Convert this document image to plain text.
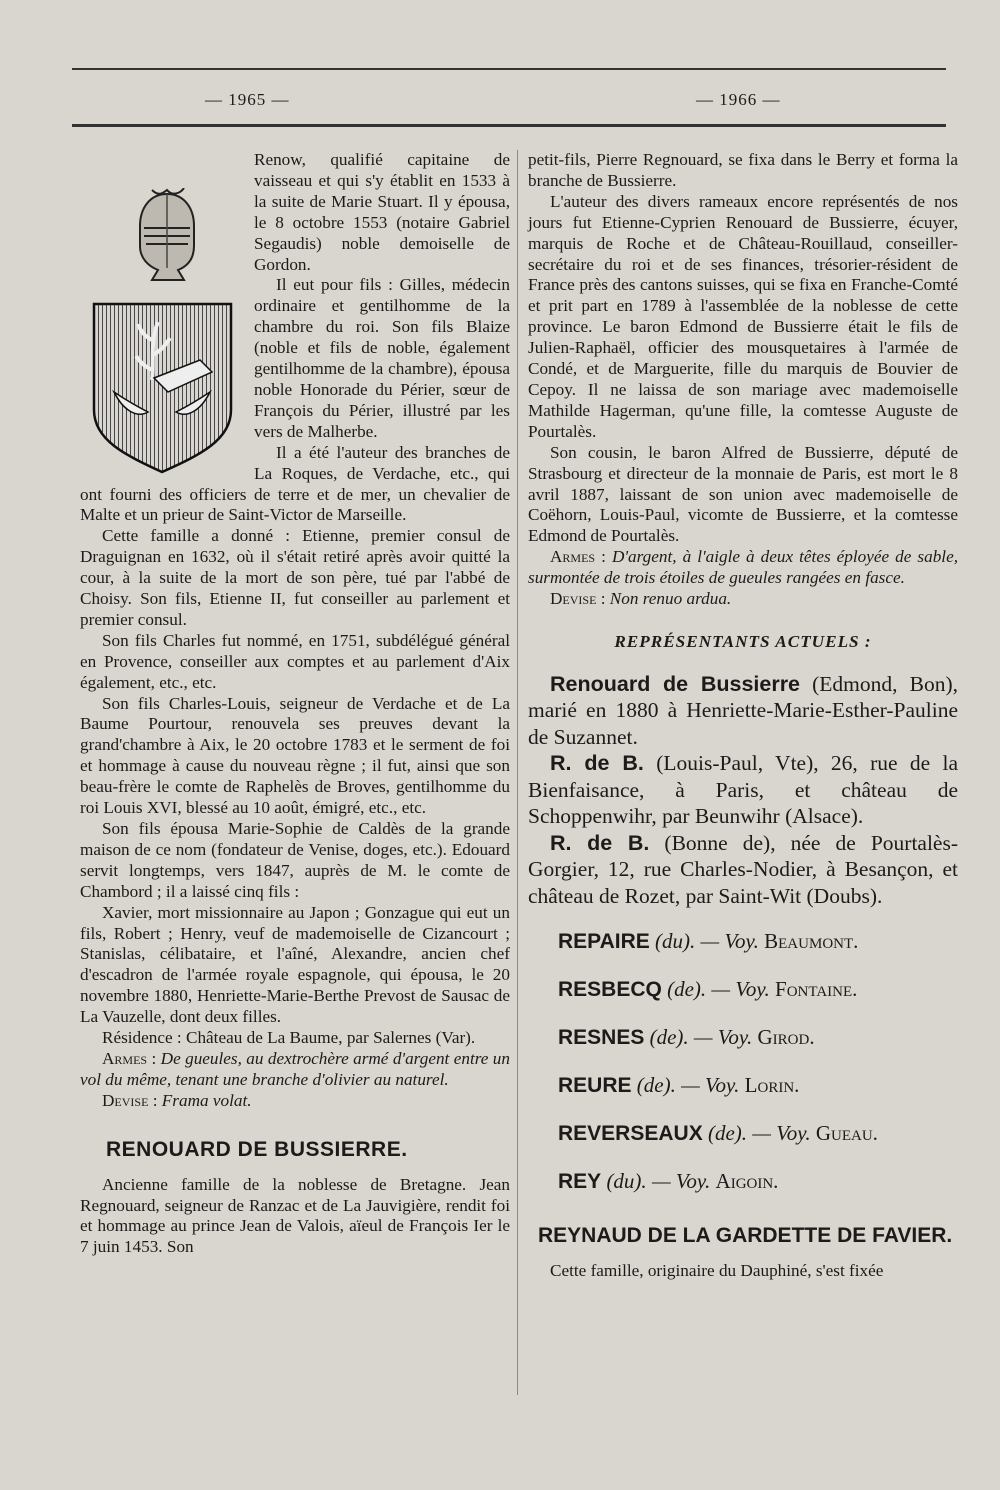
— 1965 —	— 1966 —

Renow, qualifié capitaine de vaisseau et qui s'y établit en 1533 à la suite de Marie Stuart. Il y épousa, le 8 octobre 1553 (notaire Gabriel Segaudis) noble demoiselle de Gordon.

Il eut pour fils : Gilles, médecin ordinaire et gentilhomme de la chambre du roi. Son fils Blaize (noble et fils de noble, également gentilhomme de la chambre), épousa noble Honorade du Périer, sœur de François du Périer, illustré par les vers de Malherbe.

Il a été l'auteur des branches de La Roques, de Verdache, etc., qui ont fourni des officiers de terre et de mer, un chevalier de Malte et un prieur de Saint-Victor de Marseille.

Cette famille a donné : Etienne, premier consul de Draguignan en 1632, où il s'était retiré après avoir quitté la cour, à la suite de la mort de son père, tué par l'abbé de Choisy. Son fils, Etienne II, fut conseiller au parlement et premier consul.

Son fils Charles fut nommé, en 1751, subdélégué général en Provence, conseiller aux comptes et au parlement d'Aix également, etc., etc.

Son fils Charles-Louis, seigneur de Verdache et de La Baume Pourtour, renouvela ses preuves devant la grand'chambre à Aix, le 20 octobre 1783 et le serment de foi et hommage à cause du nouveau règne ; il fut, ainsi que son beau-frère le comte de Raphelès de Broves, gentilhomme du roi Louis XVI, blessé au 10 août, émigré, etc., etc.

Son fils épousa Marie-Sophie de Caldès de la grande maison de ce nom (fondateur de Venise, doges, etc.). Edouard servit longtemps, vers 1847, auprès de M. le comte de Chambord ; il a laissé cinq fils :

Xavier, mort missionnaire au Japon ; Gonzague qui eut un fils, Robert ; Henry, veuf de mademoiselle de Cizancourt ; Stanislas, célibataire, et l'aîné, Alexandre, ancien chef d'escadron de l'armée royale espagnole, qui épousa, le 20 novembre 1880, Henriette-Marie-Berthe Prevost de Sausac de La Vauzelle, dont deux filles.

Résidence : Château de La Baume, par Salernes (Var).

Armes : De gueules, au dextrochère armé d'argent entre un vol du même, tenant une branche d'olivier au naturel.

Devise : Frama volat.

RENOUARD DE BUSSIERRE.

Ancienne famille de la noblesse de Bretagne. Jean Regnouard, seigneur de Ranzac et de La Jauvigière, rendit foi et hommage au prince Jean de Valois, aïeul de François Ier le 7 juin 1453. Son

petit-fils, Pierre Regnouard, se fixa dans le Berry et forma la branche de Bussierre.

L'auteur des divers rameaux encore représentés de nos jours fut Etienne-Cyprien Renouard de Bussierre, écuyer, marquis de Roche et de Château-Rouillaud, conseiller-secrétaire du roi et de ses finances, trésorier-résident de France près des cantons suisses, qui se fixa en Franche-Comté et prit part en 1789 à l'assemblée de la noblesse de cette province. Le baron Edmond de Bussierre était le fils de Julien-Raphaël, officier des mousquetaires à l'armée de Condé, et de Marguerite, fille du marquis de Bouvier de Cepoy. Il ne laissa de son mariage avec mademoiselle Mathilde Hagerman, qu'une fille, la comtesse Auguste de Pourtalès.

Son cousin, le baron Alfred de Bussierre, député de Strasbourg et directeur de la monnaie de Paris, est mort le 8 avril 1887, laissant de son union avec mademoiselle de Coëhorn, Louis-Paul, vicomte de Bussierre, et la comtesse Edmond de Pourtalès.

Armes : D'argent, à l'aigle à deux têtes éployée de sable, surmontée de trois étoiles de gueules rangées en fasce.

Devise : Non renuo ardua.

REPRÉSENTANTS ACTUELS :

Renouard de Bussierre (Edmond, Bon), marié en 1880 à Henriette-Marie-Esther-Pauline de Suzannet.

R. de B. (Louis-Paul, Vte), 26, rue de la Bienfaisance, à Paris, et château de Schoppenwihr, par Beunwihr (Alsace).

R. de B. (Bonne de), née de Pourtalès-Gorgier, 12, rue Charles-Nodier, à Besançon, et château de Rozet, par Saint-Wit (Doubs).

REPAIRE (du). — Voy. Beaumont.
RESBECQ (de). — Voy. Fontaine.
RESNES (de). — Voy. Girod.
REURE (de). — Voy. Lorin.
REVERSEAUX (de). — Voy. Gueau.
REY (du). — Voy. Aigoin.
REYNAUD DE LA GARDETTE DE FAVIER.

Cette famille, originaire du Dauphiné, s'est fixée
